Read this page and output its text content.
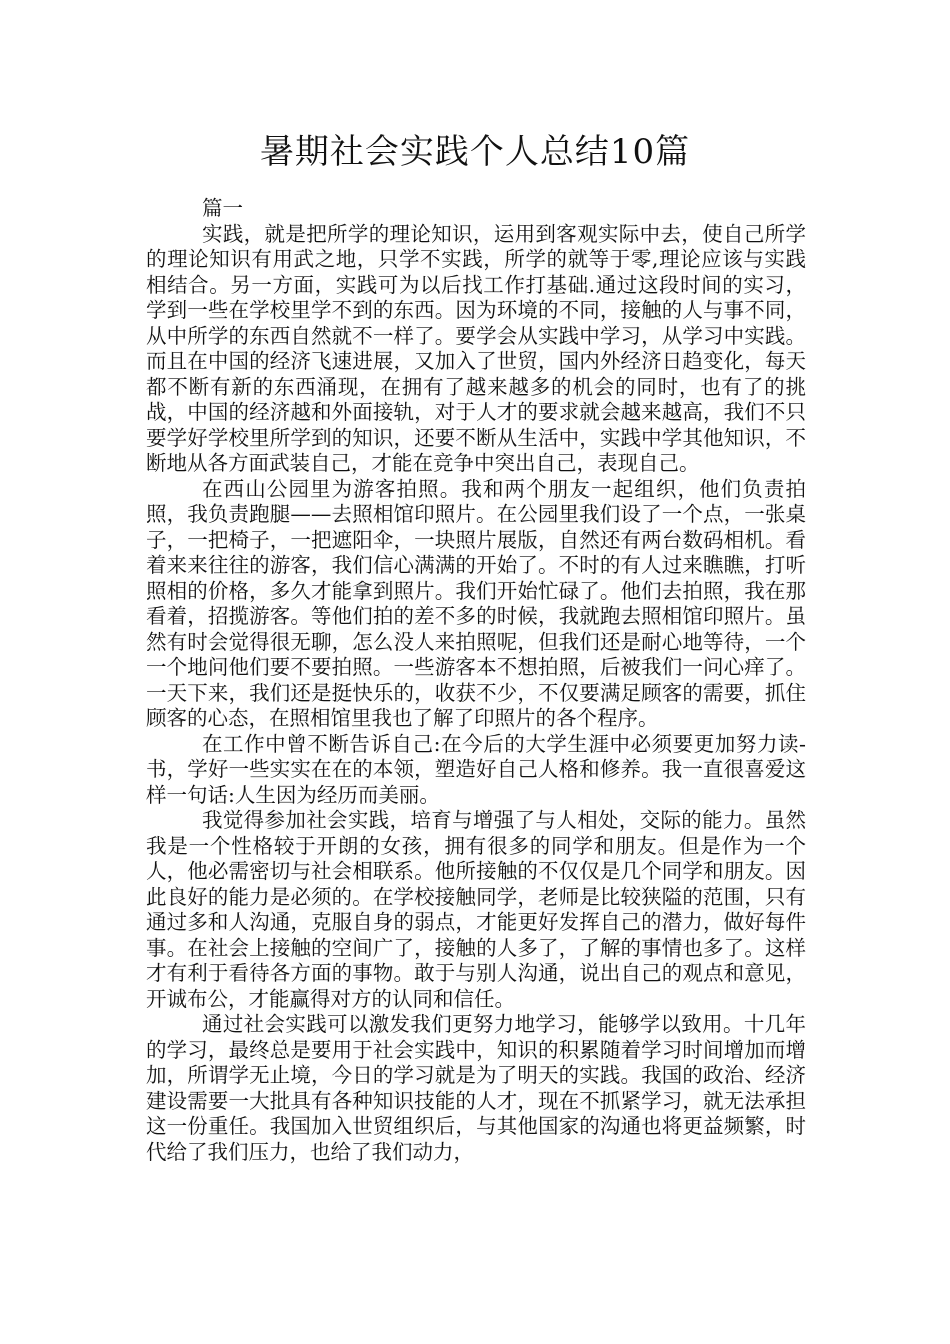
暑期社会实践个人总结10篇

篇一

实践，就是把所学的理论知识，运用到客观实际中去，使自己所学的理论知识有用武之地，只学不实践，所学的就等于零,理论应该与实践相结合。另一方面，实践可为以后找工作打基础.通过这段时间的实习，学到一些在学校里学不到的东西。因为环境的不同，接触的人与事不同，从中所学的东西自然就不一样了。要学会从实践中学习，从学习中实践。而且在中国的经济飞速进展，又加入了世贸，国内外经济日趋变化，每天都不断有新的东西涌现，在拥有了越来越多的机会的同时，也有了的挑战，中国的经济越和外面接轨，对于人才的要求就会越来越高，我们不只要学好学校里所学到的知识，还要不断从生活中，实践中学其他知识，不断地从各方面武装自己，才能在竞争中突出自己，表现自己。

在西山公园里为游客拍照。我和两个朋友一起组织，他们负责拍照，我负责跑腿——去照相馆印照片。在公园里我们设了一个点，一张桌子，一把椅子，一把遮阳伞，一块照片展版，自然还有两台数码相机。看着来来往往的游客，我们信心满满的开始了。不时的有人过来瞧瞧，打听照相的价格，多久才能拿到照片。我们开始忙碌了。他们去拍照，我在那看着，招揽游客。等他们拍的差不多的时候，我就跑去照相馆印照片。虽然有时会觉得很无聊，怎么没人来拍照呢，但我们还是耐心地等待，一个一个地问他们要不要拍照。一些游客本不想拍照，后被我们一问心痒了。一天下来，我们还是挺快乐的，收获不少，不仅要满足顾客的需要，抓住顾客的心态，在照相馆里我也了解了印照片的各个程序。

在工作中曾不断告诉自己:在今后的大学生涯中必须要更加努力读-书，学好一些实实在在的本领，塑造好自己人格和修养。我一直很喜爱这样一句话:人生因为经历而美丽。

我觉得参加社会实践，培育与增强了与人相处，交际的能力。虽然我是一个性格较于开朗的女孩，拥有很多的同学和朋友。但是作为一个人，他必需密切与社会相联系。他所接触的不仅仅是几个同学和朋友。因此良好的能力是必须的。在学校接触同学，老师是比较狭隘的范围，只有通过多和人沟通，克服自身的弱点，才能更好发挥自己的潜力，做好每件事。在社会上接触的空间广了，接触的人多了，了解的事情也多了。这样才有利于看待各方面的事物。敢于与别人沟通，说出自己的观点和意见，开诚布公，才能赢得对方的认同和信任。

通过社会实践可以激发我们更努力地学习，能够学以致用。十几年的学习，最终总是要用于社会实践中，知识的积累随着学习时间增加而增加，所谓学无止境，今日的学习就是为了明天的实践。我国的政治、经济建设需要一大批具有各种知识技能的人才，现在不抓紧学习，就无法承担这一份重任。我国加入世贸组织后，与其他国家的沟通也将更益频繁，时代给了我们压力，也给了我们动力，
